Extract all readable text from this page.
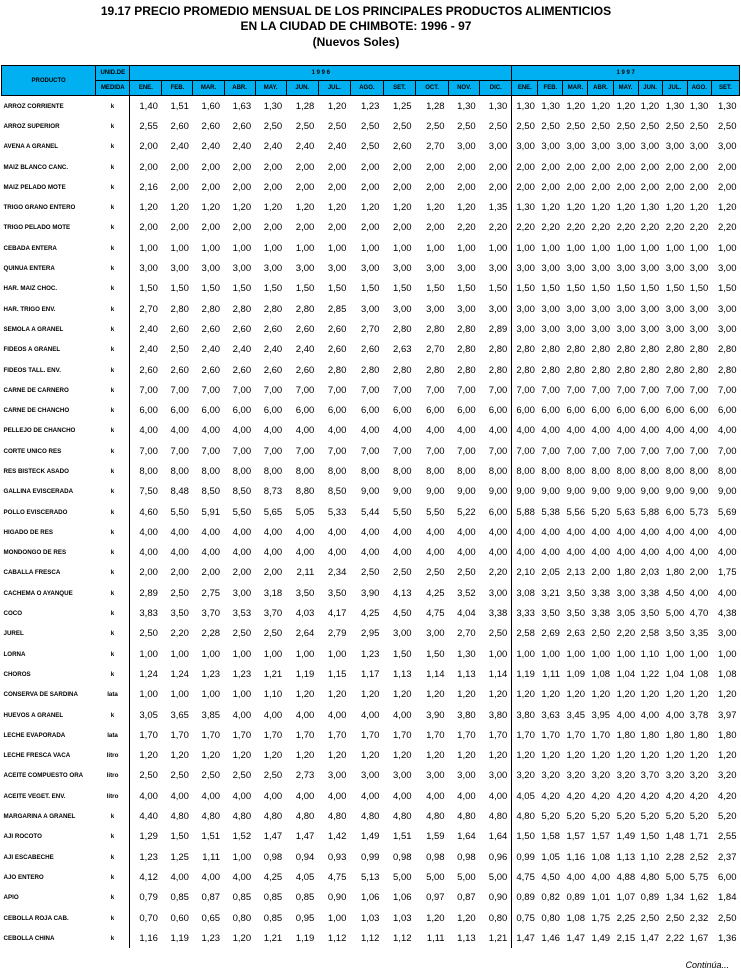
19.17 PRECIO PROMEDIO MENSUAL DE LOS PRINCIPALES PRODUCTOS ALIMENTICIOS
EN LA CIUDAD DE CHIMBOTE: 1996 - 97
(Nuevos Soles)
PRODUCTO	UNID.DE	1 9 9 6												1 9 9 7								
	MEDIDA	ENE.	FEB.	MAR.	ABR.	MAY.	JUN.	JUL.	AGO.	SET.	OCT.	NOV.	DIC.	ENE.	FEB.	MAR.	ABR.	MAY.	JUN.	JUL.	AGO.	SET.
ARROZ CORRIENTE	k	1,40	1,51	1,60	1,63	1,30	1,28	1,20	1,23	1,25	1,28	1,30	1,30	1,30	1,30	1,20	1,20	1,20	1,20	1,30	1,30	1,30
ARROZ SUPERIOR	k	2,55	2,60	2,60	2,60	2,50	2,50	2,50	2,50	2,50	2,50	2,50	2,50	2,50	2,50	2,50	2,50	2,50	2,50	2,50	2,50	2,50
AVENA A GRANEL	k	2,00	2,40	2,40	2,40	2,40	2,40	2,40	2,50	2,60	2,70	3,00	3,00	3,00	3,00	3,00	3,00	3,00	3,00	3,00	3,00	3,00
MAIZ BLANCO CANC.	k	2,00	2,00	2,00	2,00	2,00	2,00	2,00	2,00	2,00	2,00	2,00	2,00	2,00	2,00	2,00	2,00	2,00	2,00	2,00	2,00	2,00
MAIZ PELADO MOTE	k	2,16	2,00	2,00	2,00	2,00	2,00	2,00	2,00	2,00	2,00	2,00	2,00	2,00	2,00	2,00	2,00	2,00	2,00	2,00	2,00	2,00
TRIGO GRANO ENTERO	k	1,20	1,20	1,20	1,20	1,20	1,20	1,20	1,20	1,20	1,20	1,20	1,35	1,30	1,20	1,20	1,20	1,20	1,30	1,20	1,20	1,20
TRIGO PELADO MOTE	k	2,00	2,00	2,00	2,00	2,00	2,00	2,00	2,00	2,00	2,00	2,20	2,20	2,20	2,20	2,20	2,20	2,20	2,20	2,20	2,20	2,20
CEBADA ENTERA	k	1,00	1,00	1,00	1,00	1,00	1,00	1,00	1,00	1,00	1,00	1,00	1,00	1,00	1,00	1,00	1,00	1,00	1,00	1,00	1,00	1,00
QUINUA ENTERA	k	3,00	3,00	3,00	3,00	3,00	3,00	3,00	3,00	3,00	3,00	3,00	3,00	3,00	3,00	3,00	3,00	3,00	3,00	3,00	3,00	3,00
HAR. MAIZ CHOC.	k	1,50	1,50	1,50	1,50	1,50	1,50	1,50	1,50	1,50	1,50	1,50	1,50	1,50	1,50	1,50	1,50	1,50	1,50	1,50	1,50	1,50
HAR. TRIGO ENV.	k	2,70	2,80	2,80	2,80	2,80	2,80	2,85	3,00	3,00	3,00	3,00	3,00	3,00	3,00	3,00	3,00	3,00	3,00	3,00	3,00	3,00
SEMOLA A GRANEL	k	2,40	2,60	2,60	2,60	2,60	2,60	2,60	2,70	2,80	2,80	2,80	2,89	3,00	3,00	3,00	3,00	3,00	3,00	3,00	3,00	3,00
FIDEOS A GRANEL	k	2,40	2,50	2,40	2,40	2,40	2,40	2,60	2,60	2,63	2,70	2,80	2,80	2,80	2,80	2,80	2,80	2,80	2,80	2,80	2,80	2,80
FIDEOS TALL. ENV.	k	2,60	2,60	2,60	2,60	2,60	2,60	2,80	2,80	2,80	2,80	2,80	2,80	2,80	2,80	2,80	2,80	2,80	2,80	2,80	2,80	2,80
CARNE DE CARNERO	k	7,00	7,00	7,00	7,00	7,00	7,00	7,00	7,00	7,00	7,00	7,00	7,00	7,00	7,00	7,00	7,00	7,00	7,00	7,00	7,00	7,00
CARNE DE CHANCHO	k	6,00	6,00	6,00	6,00	6,00	6,00	6,00	6,00	6,00	6,00	6,00	6,00	6,00	6,00	6,00	6,00	6,00	6,00	6,00	6,00	6,00
PELLEJO DE CHANCHO	k	4,00	4,00	4,00	4,00	4,00	4,00	4,00	4,00	4,00	4,00	4,00	4,00	4,00	4,00	4,00	4,00	4,00	4,00	4,00	4,00	4,00
CORTE UNICO RES	k	7,00	7,00	7,00	7,00	7,00	7,00	7,00	7,00	7,00	7,00	7,00	7,00	7,00	7,00	7,00	7,00	7,00	7,00	7,00	7,00	7,00
RES BISTECK ASADO	k	8,00	8,00	8,00	8,00	8,00	8,00	8,00	8,00	8,00	8,00	8,00	8,00	8,00	8,00	8,00	8,00	8,00	8,00	8,00	8,00	8,00
GALLINA EVISCERADA	k	7,50	8,48	8,50	8,50	8,73	8,80	8,50	9,00	9,00	9,00	9,00	9,00	9,00	9,00	9,00	9,00	9,00	9,00	9,00	9,00	9,00
POLLO EVISCERADO	k	4,60	5,50	5,91	5,50	5,65	5,05	5,33	5,44	5,50	5,50	5,22	6,00	5,88	5,38	5,56	5,20	5,63	5,88	6,00	5,73	5,69
HIGADO DE RES	k	4,00	4,00	4,00	4,00	4,00	4,00	4,00	4,00	4,00	4,00	4,00	4,00	4,00	4,00	4,00	4,00	4,00	4,00	4,00	4,00	4,00
MONDONGO DE RES	k	4,00	4,00	4,00	4,00	4,00	4,00	4,00	4,00	4,00	4,00	4,00	4,00	4,00	4,00	4,00	4,00	4,00	4,00	4,00	4,00	4,00
CABALLA FRESCA	k	2,00	2,00	2,00	2,00	2,00	2,11	2,34	2,50	2,50	2,50	2,50	2,20	2,10	2,05	2,13	2,00	1,80	2,03	1,80	2,00	1,75
CACHEMA O AYANQUE	k	2,89	2,50	2,75	3,00	3,18	3,50	3,50	3,90	4,13	4,25	3,52	3,00	3,08	3,21	3,50	3,38	3,00	3,38	4,50	4,00	4,00
COCO	k	3,83	3,50	3,70	3,53	3,70	4,03	4,17	4,25	4,50	4,75	4,04	3,38	3,33	3,50	3,50	3,38	3,05	3,50	5,00	4,70	4,38
JUREL	k	2,50	2,20	2,28	2,50	2,50	2,64	2,79	2,95	3,00	3,00	2,70	2,50	2,58	2,69	2,63	2,50	2,20	2,58	3,50	3,35	3,00
LORNA	k	1,00	1,00	1,00	1,00	1,00	1,00	1,00	1,23	1,50	1,50	1,30	1,00	1,00	1,00	1,00	1,00	1,00	1,10	1,00	1,00	1,00
CHOROS	k	1,24	1,24	1,23	1,23	1,21	1,19	1,15	1,17	1,13	1,14	1,13	1,14	1,19	1,11	1,09	1,08	1,04	1,22	1,04	1,08	1,08
CONSERVA DE SARDINA	lata	1,00	1,00	1,00	1,00	1,10	1,20	1,20	1,20	1,20	1,20	1,20	1,20	1,20	1,20	1,20	1,20	1,20	1,20	1,20	1,20	1,20
HUEVOS A GRANEL	k	3,05	3,65	3,85	4,00	4,00	4,00	4,00	4,00	4,00	3,90	3,80	3,80	3,80	3,63	3,45	3,95	4,00	4,00	4,00	3,78	3,97
LECHE EVAPORADA	lata	1,70	1,70	1,70	1,70	1,70	1,70	1,70	1,70	1,70	1,70	1,70	1,70	1,70	1,70	1,70	1,70	1,80	1,80	1,80	1,80	1,80
LECHE FRESCA VACA	litro	1,20	1,20	1,20	1,20	1,20	1,20	1,20	1,20	1,20	1,20	1,20	1,20	1,20	1,20	1,20	1,20	1,20	1,20	1,20	1,20	1,20
ACEITE COMPUESTO ORA	litro	2,50	2,50	2,50	2,50	2,50	2,73	3,00	3,00	3,00	3,00	3,00	3,00	3,20	3,20	3,20	3,20	3,20	3,70	3,20	3,20	3,20
ACEITE VEGET. ENV.	litro	4,00	4,00	4,00	4,00	4,00	4,00	4,00	4,00	4,00	4,00	4,00	4,00	4,05	4,20	4,20	4,20	4,20	4,20	4,20	4,20	4,20
MARGARINA A GRANEL	k	4,40	4,80	4,80	4,80	4,80	4,80	4,80	4,80	4,80	4,80	4,80	4,80	4,80	5,20	5,20	5,20	5,20	5,20	5,20	5,20	5,20
AJI ROCOTO	k	1,29	1,50	1,51	1,52	1,47	1,47	1,42	1,49	1,51	1,59	1,64	1,64	1,50	1,58	1,57	1,57	1,49	1,50	1,48	1,71	2,55
AJI ESCABECHE	k	1,23	1,25	1,11	1,00	0,98	0,94	0,93	0,99	0,98	0,98	0,98	0,96	0,99	1,05	1,16	1,08	1,13	1,10	2,28	2,52	2,37
AJO ENTERO	k	4,12	4,00	4,00	4,00	4,25	4,05	4,75	5,13	5,00	5,00	5,00	5,00	4,75	4,50	4,00	4,00	4,88	4,80	5,00	5,75	6,00
APIO	k	0,79	0,85	0,87	0,85	0,85	0,85	0,90	1,06	1,06	0,97	0,87	0,90	0,89	0,82	0,89	1,01	1,07	0,89	1,34	1,62	1,84
CEBOLLA ROJA CAB.	k	0,70	0,60	0,65	0,80	0,85	0,95	1,00	1,03	1,03	1,20	1,20	0,80	0,75	0,80	1,08	1,75	2,25	2,50	2,50	2,32	2,50
CEBOLLA CHINA	k	1,16	1,19	1,23	1,20	1,21	1,19	1,12	1,12	1,12	1,11	1,13	1,21	1,47	1,46	1,47	1,49	2,15	1,47	2,22	1,67	1,36
Continúa...
